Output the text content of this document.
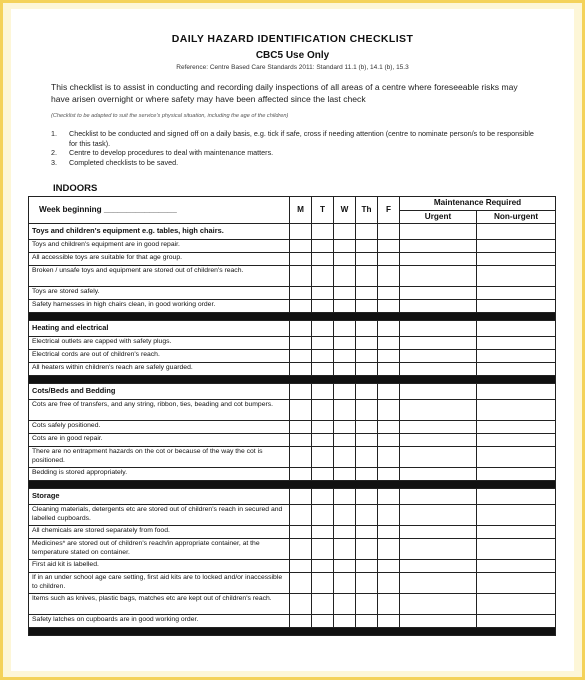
DAILY HAZARD IDENTIFICATION CHECKLIST
CBC5 Use Only
Reference: Centre Based Care Standards 2011: Standard 11.1 (b), 14.1 (b), 15.3
This checklist is to assist in conducting and recording daily inspections of all areas of a centre where foreseeable risks may have arisen overnight or where safety may have been affected since the last check
(Checklist to be adapted to suit the service's physical situation, including the age of the children)
1.	Checklist to be conducted and signed off on a daily basis, e.g. tick if safe, cross if needing attention (centre to nominate person/s to be responsible for this task).
2.	Centre to develop procedures to deal with maintenance matters.
3.	Completed checklists to be saved.
INDOORS
Week beginning ________________	M	T	W	Th	F	Maintenance Required	
						Urgent	Non-urgent
Toys and children's equipment e.g. tables, high chairs.							
Toys and children's equipment are in good repair.							
All accessible toys are suitable for that age group.							
Broken / unsafe toys and equipment are stored out of children's reach.							
Toys are stored safely.							
Safety harnesses in high chairs clean, in good working order.							

Heating and electrical							
Electrical outlets are capped with safety plugs.							
Electrical cords are out of children's reach.							
All heaters within children's reach are safely guarded.							

Cots/Beds and Bedding							
Cots are free of transfers, and any string, ribbon, ties, beading and cot bumpers.							
Cots safely positioned.							
Cots are in good repair.							
There are no entrapment hazards on the cot or because of the way the cot is positioned.							
Bedding is stored appropriately.							

Storage							
Cleaning materials, detergents etc are stored out of children's reach in secured and labelled cupboards.							
All chemicals are stored separately from food.							
Medicines* are stored out of children's reach/in appropriate container, at the temperature stated on container.							
First aid kit is labelled.							
If in an under school age care setting, first aid kits are to locked and/or inaccessible to children.							
Items such as knives, plastic bags, matches etc are kept out of children's reach.							
Safety latches on cupboards are in good working order.							
